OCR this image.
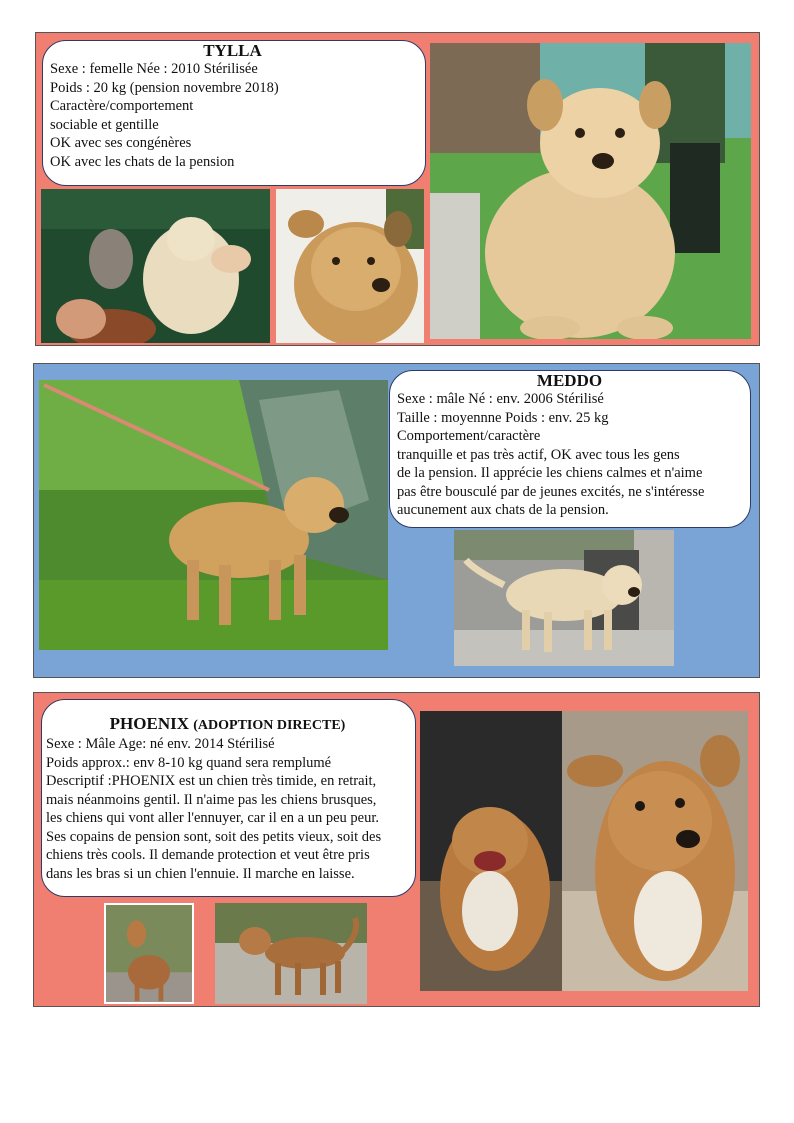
TYLLA
Sexe : femelle Née : 2010 Stérilisée
Poids : 20 kg (pension novembre 2018)
Caractère/comportement
sociable et gentille
OK avec ses congénères
OK avec les chats de la pension
MEDDO
Sexe : mâle Né : env. 2006 Stérilisé
Taille : moyennne Poids : env. 25 kg
Comportement/caractère
tranquille et pas très actif, OK avec tous les gens
de la pension. Il apprécie les chiens calmes et n'aime
pas être bousculé par de jeunes excités, ne s'intéresse
aucunement aux chats de la pension.
PHOENIX (ADOPTION DIRECTE)
Sexe : Mâle Age: né env. 2014 Stérilisé
Poids approx.: env 8-10 kg quand sera remplumé
Descriptif :PHOENIX est un chien très timide, en retrait,
mais néanmoins gentil. Il n'aime pas les chiens brusques,
les chiens qui vont aller l'ennuyer, car il en a un peu peur.
Ses copains de pension sont, soit des petits vieux, soit des
chiens très cools. Il demande protection et veut être pris
dans les bras si un chien l'ennuie. Il marche en laisse.
